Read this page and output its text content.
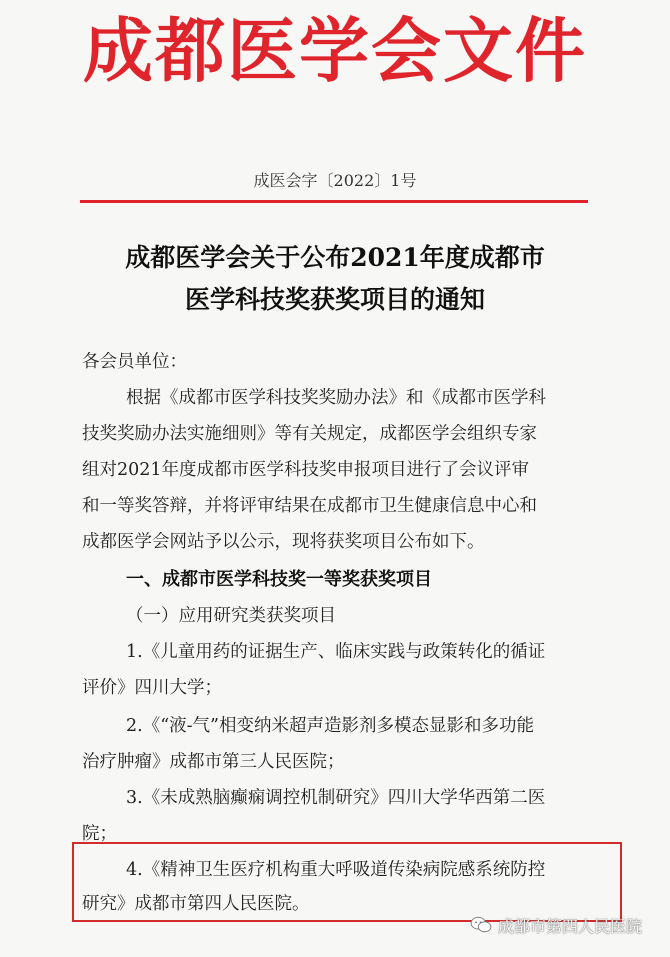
成都医学会文件
成医会字〔2022〕1号
成都医学会关于公布2021年度成都市
医学科技奖获奖项目的通知
各会员单位：
根据《成都市医学科技奖奖励办法》和《成都市医学科
技奖奖励办法实施细则》等有关规定，成都医学会组织专家
组对2021年度成都市医学科技奖申报项目进行了会议评审
和一等奖答辩，并将评审结果在成都市卫生健康信息中心和
成都医学会网站予以公示，现将获奖项目公布如下。
一、成都市医学科技奖一等奖获奖项目
（一）应用研究类获奖项目
1.《儿童用药的证据生产、临床实践与政策转化的循证
评价》四川大学；
2.《“液-气”相变纳米超声造影剂多模态显影和多功能
治疗肿瘤》成都市第三人民医院；
3.《未成熟脑癫痫调控机制研究》四川大学华西第二医
院；
4.《精神卫生医疗机构重大呼吸道传染病院感系统防控
研究》成都市第四人民医院。
成都市第四人民医院
